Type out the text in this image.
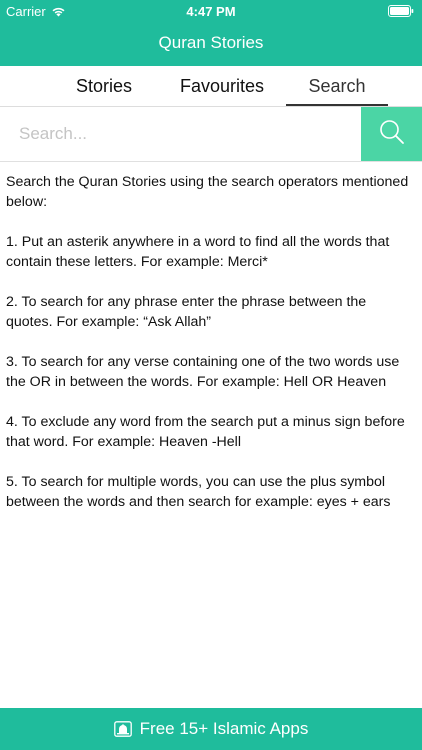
Carrier	4:47 PM
Quran Stories
Stories	Favourites	Search
Search...

Search the Quran Stories using the search operators mentioned below:

1. Put an asterik anywhere in a word to find all the words that contain these letters. For example: Merci*

2. To search for any phrase enter the phrase between the quotes. For example: “Ask Allah”

3. To search for any verse containing one of the two words use the OR in between the words. For example: Hell OR Heaven

4. To exclude any word from the search put a minus sign before that word. For example: Heaven -Hell

5. To search for multiple words, you can use the plus symbol between the words and then search for example: eyes + ears

Free 15+ Islamic Apps
